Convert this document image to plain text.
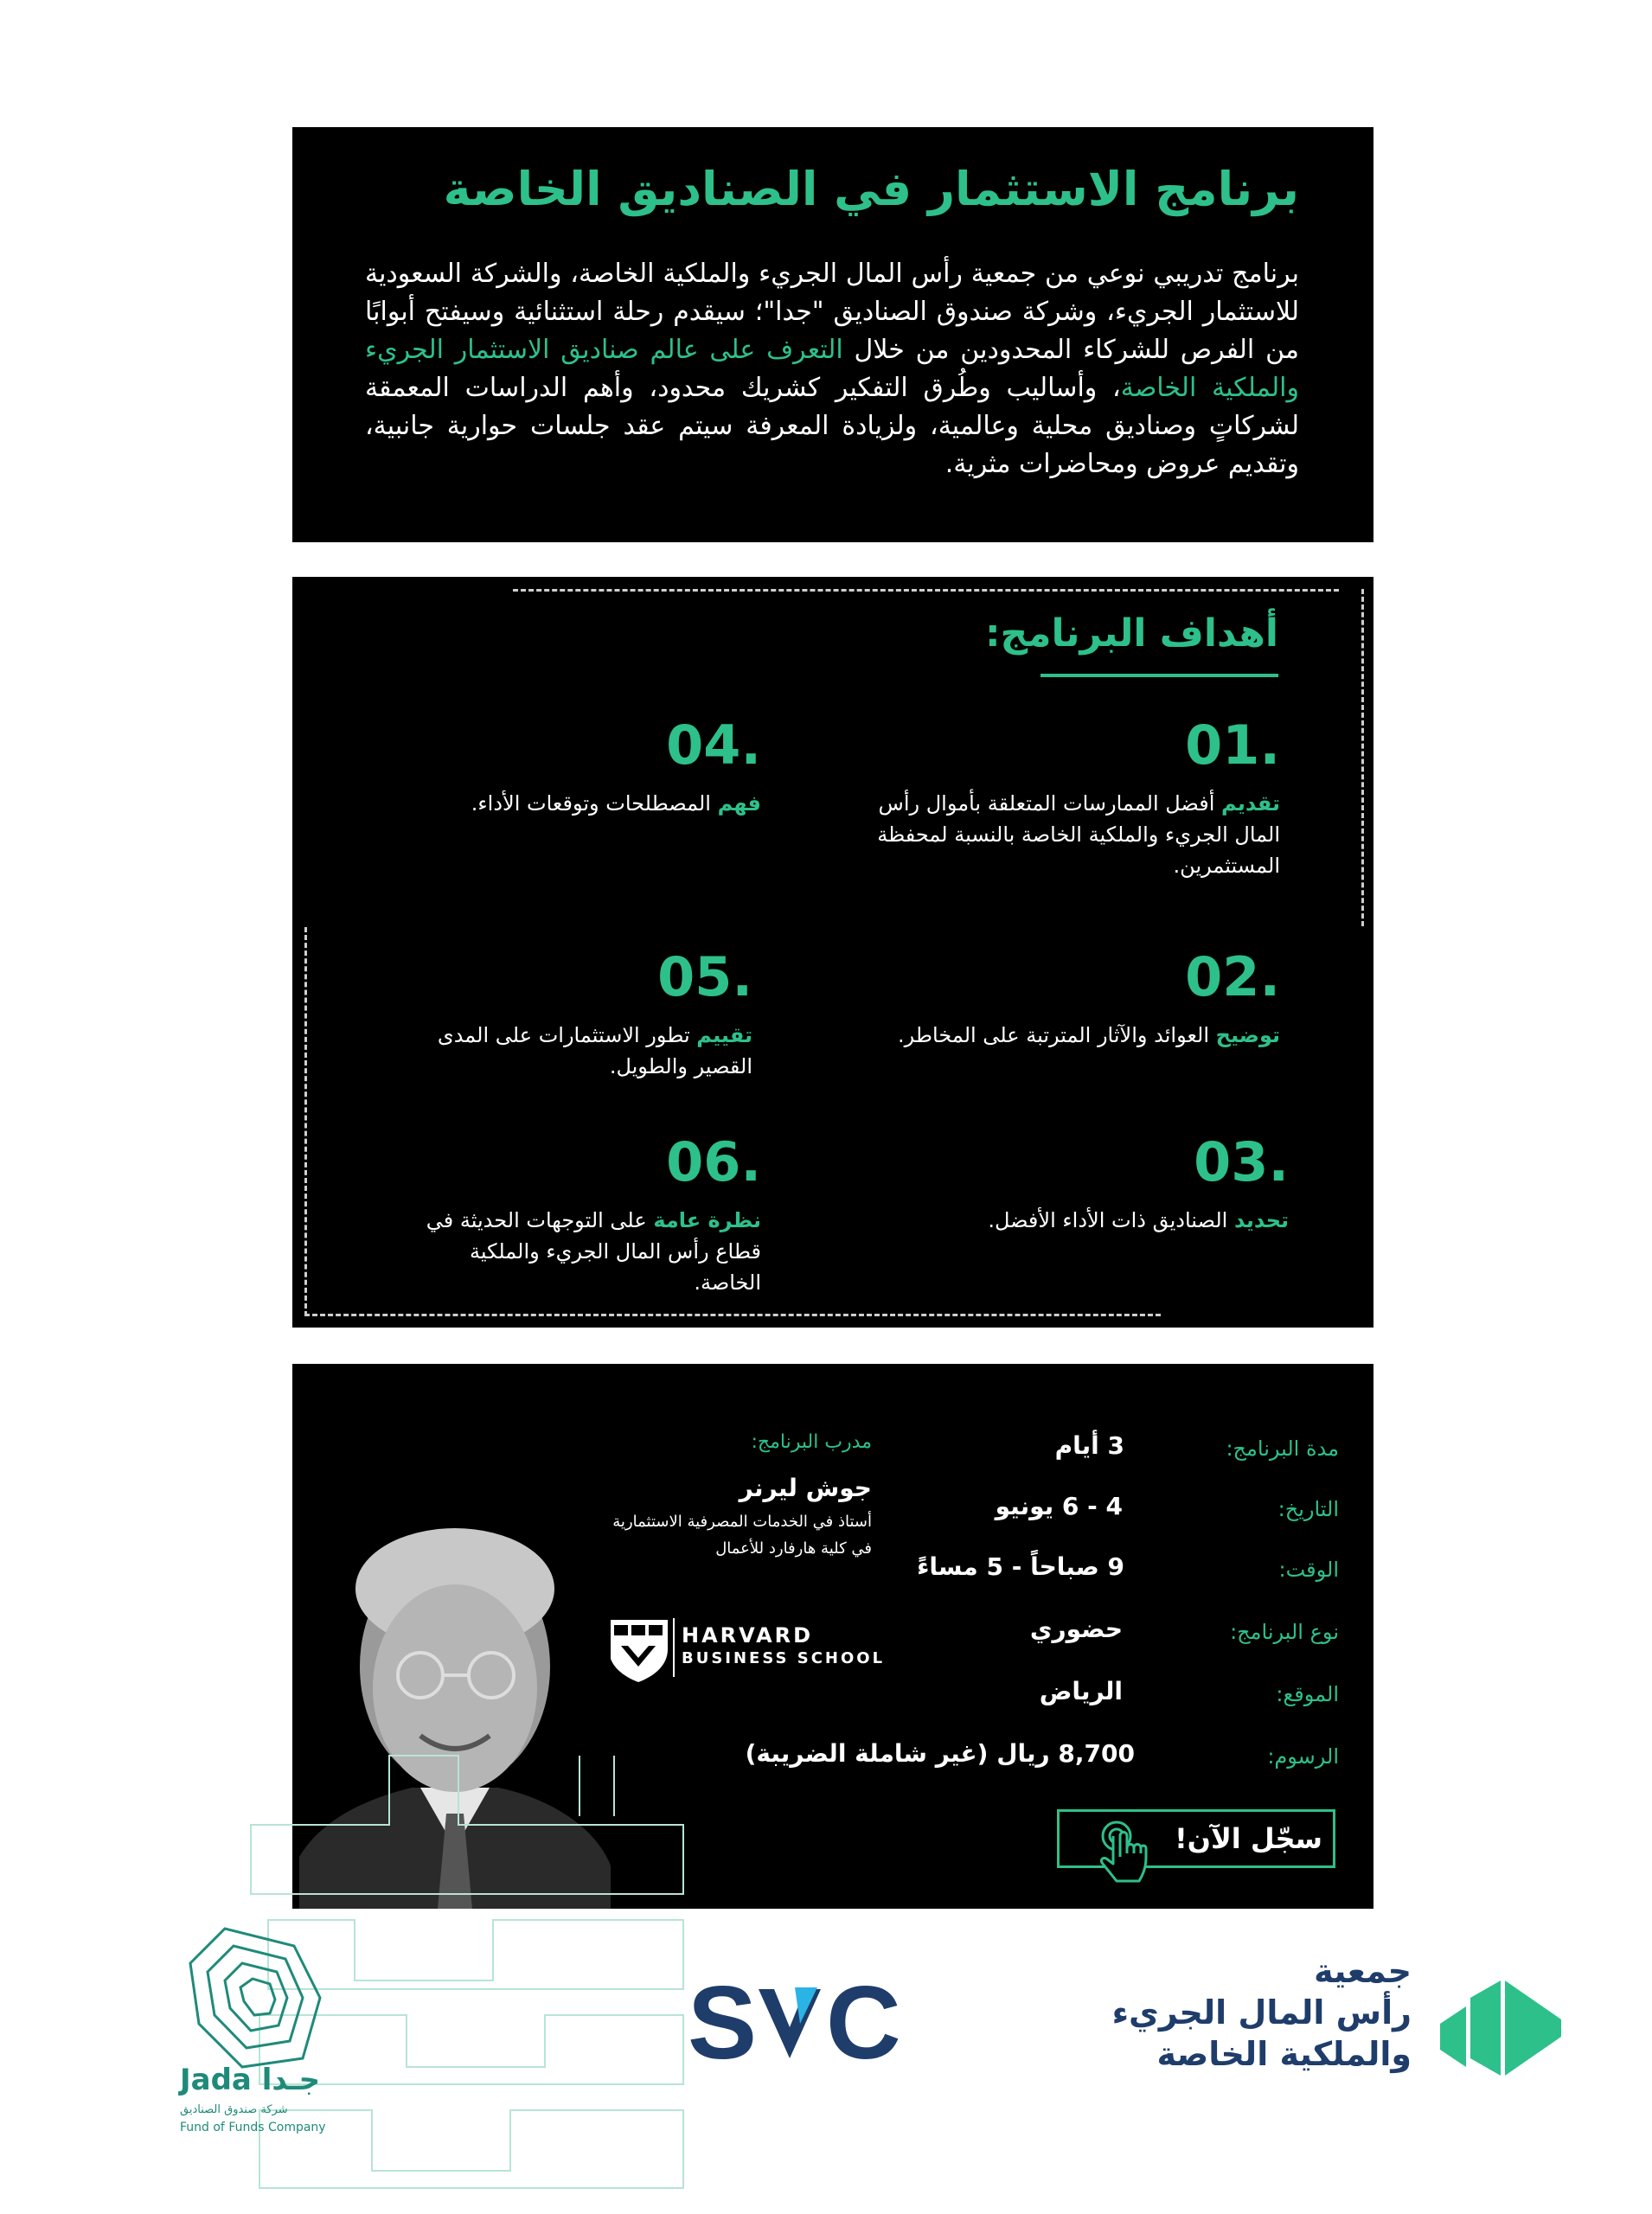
برنامج الاستثمار في الصناديق الخاصة

برنامج تدريبي نوعي من جمعية رأس المال الجريء والملكية الخاصة، والشركة السعودية للاستثمار الجريء، وشركة صندوق الصناديق "جدا"؛ سيقدم رحلة استثنائية وسيفتح أبوابًا من الفرص للشركاء المحدودين من خلال التعرف على عالم صناديق الاستثمار الجريء والملكية الخاصة، وأساليب وطُرق التفكير كشريك محدود، وأهم الدراسات المعمقة لشركاتٍ وصناديق محلية وعالمية، ولزيادة المعرفة سيتم عقد جلسات حوارية جانبية، وتقديم عروض ومحاضرات مثرية.

أهداف البرنامج:
.01
تقديم أفضل الممارسات المتعلقة بأموال رأس المال الجريء والملكية الخاصة بالنسبة لمحفظة المستثمرين.
.04
فهم المصطلحات وتوقعات الأداء.
.02
توضيح العوائد والآثار المترتبة على المخاطر.
.05
تقييم تطور الاستثمارات على المدى القصير والطويل.
.03
تحديد الصناديق ذات الأداء الأفضل.
.06
نظرة عامة على التوجهات الحديثة في قطاع رأس المال الجريء والملكية الخاصة.
مدة البرنامج:
3 أيام
التاريخ:
4 - 6 يونيو
الوقت:
9 صباحاً - 5 مساءً
نوع البرنامج:
حضوري
الموقع:
الرياض
الرسوم:
8,700 ريال (غير شاملة الضريبة)
مدرب البرنامج:
جوش ليرنر
أستاذ في الخدمات المصرفية الاستثمارية في كلية هارفارد للأعمال
HARVARD
BUSINESS SCHOOL
سجّل الآن!
Jada جـدا
شركة صندوق الصناديق
Fund of Funds Company
S C	جمعية
رأس المال الجريء
والملكية الخاصة
